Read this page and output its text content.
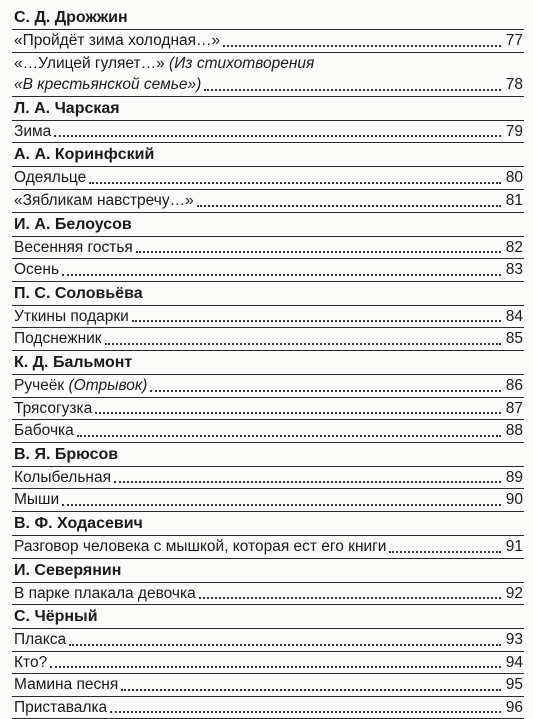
С. Д. Дрожжин
«Пройдёт зима холодная…»	77
«…Улицей гуляет…» (Из стихотворения
«В крестьянской семье»)	78
Л. А. Чарская
Зима	79
А. А. Коринфский
Одеяльце	80
«Зябликам навстречу…»	81
И. А. Белоусов
Весенняя гостья	82
Осень	83
П. С. Соловьёва
Уткины подарки	84
Подснежник	85
К. Д. Бальмонт
Ручеёк (Отрывок)	86
Трясогузка	87
Бабочка	88
В. Я. Брюсов
Колыбельная	89
Мыши	90
В. Ф. Ходасевич
Разговор человека с мышкой, которая ест его книги	91
И. Северянин
В парке плакала девочка	92
С. Чёрный
Плакса	93
Кто?	94
Мамина песня	95
Приставалка	96
